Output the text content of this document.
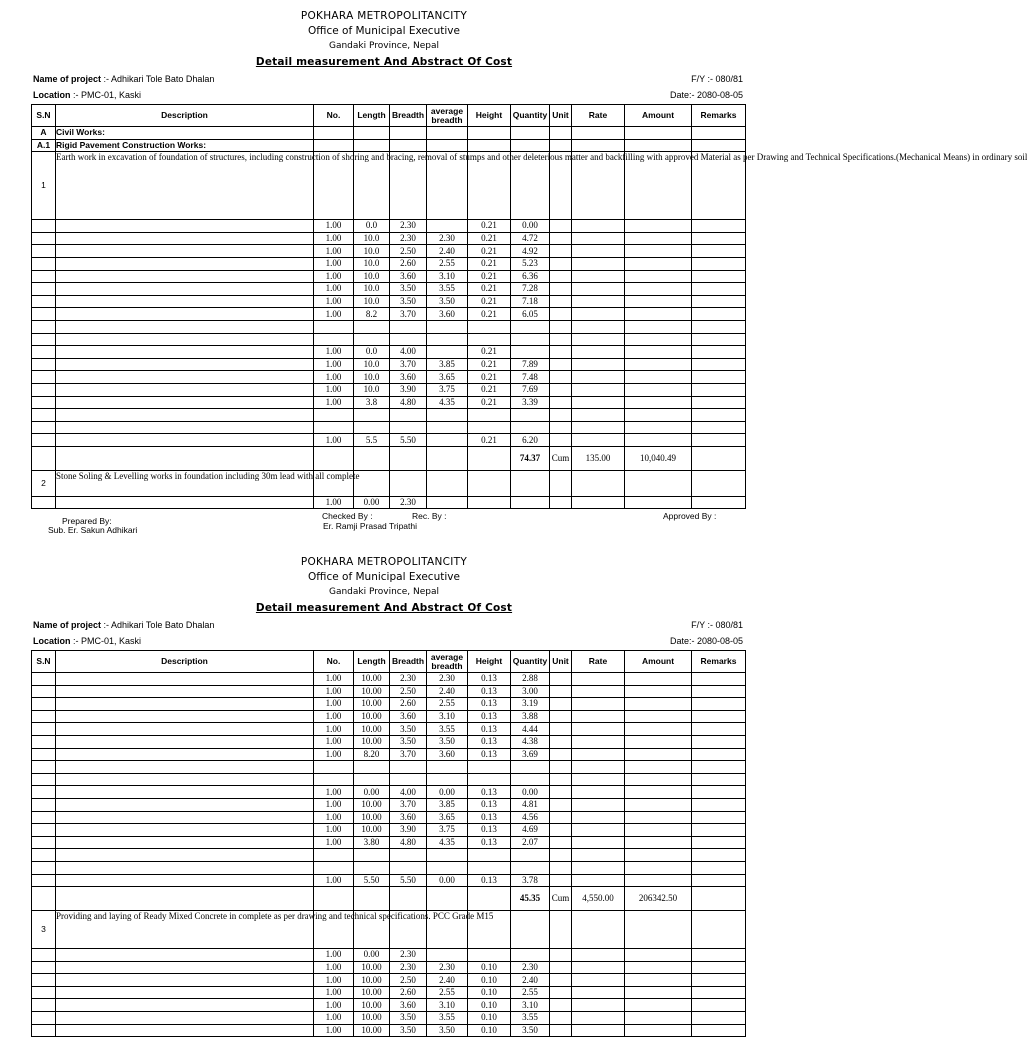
POKHARA METROPOLITANCITY
Office of Municipal Executive
Gandaki Province, Nepal
Detail measurement And Abstract Of Cost
Name of project :- Adhikari Tole Bato Dhalan	F/Y :- 080/81
Location :- PMC-01, Kaski	Date:- 2080-08-05
S.N	Description	No.	Length	Breadth	average breadth	Height	Quantity	Unit	Rate	Amount	Remarks
A	Civil Works:										
A.1	Rigid Pavement Construction Works:										
1	Earth work in excavation of foundation of structures, including construction of shoring and bracing, removal of stumps and other deleterious matter and backfilling with approved Material as per Drawing and Technical Specifications.(Mechanical Means) in ordinary soil										
		1.00	0.0	2.30		0.21	0.00				
		1.00	10.0	2.30	2.30	0.21	4.72				
		1.00	10.0	2.50	2.40	0.21	4.92				
		1.00	10.0	2.60	2.55	0.21	5.23				
		1.00	10.0	3.60	3.10	0.21	6.36				
		1.00	10.0	3.50	3.55	0.21	7.28				
		1.00	10.0	3.50	3.50	0.21	7.18				
		1.00	8.2	3.70	3.60	0.21	6.05				

		1.00	0.0	4.00		0.21					
		1.00	10.0	3.70	3.85	0.21	7.89				
		1.00	10.0	3.60	3.65	0.21	7.48				
		1.00	10.0	3.90	3.75	0.21	7.69				
		1.00	3.8	4.80	4.35	0.21	3.39				

		1.00	5.5	5.50		0.21	6.20				
							74.37	Cum	135.00	10,040.49	
2	Stone Soling & Levelling works in foundation including 30m lead with all complete										
		1.00	0.00	2.30							
Prepared By:
Sub. Er. Sakun Adhikari
Checked By :	Rec. By :
Er. Ramji Prasad Tripathi
Approved By :
POKHARA METROPOLITANCITY
Office of Municipal Executive
Gandaki Province, Nepal
Detail measurement And Abstract Of Cost
Name of project :- Adhikari Tole Bato Dhalan	F/Y :- 080/81
Location :- PMC-01, Kaski	Date:- 2080-08-05
S.N	Description	No.	Length	Breadth	average breadth	Height	Quantity	Unit	Rate	Amount	Remarks
		1.00	10.00	2.30	2.30	0.13	2.88				
		1.00	10.00	2.50	2.40	0.13	3.00				
		1.00	10.00	2.60	2.55	0.13	3.19				
		1.00	10.00	3.60	3.10	0.13	3.88				
		1.00	10.00	3.50	3.55	0.13	4.44				
		1.00	10.00	3.50	3.50	0.13	4.38				
		1.00	8.20	3.70	3.60	0.13	3.69				

		1.00	0.00	4.00	0.00	0.13	0.00				
		1.00	10.00	3.70	3.85	0.13	4.81				
		1.00	10.00	3.60	3.65	0.13	4.56				
		1.00	10.00	3.90	3.75	0.13	4.69				
		1.00	3.80	4.80	4.35	0.13	2.07				

		1.00	5.50	5.50	0.00	0.13	3.78				
							45.35	Cum	4,550.00	206342.50	
3	Providing and laying of Ready Mixed Concrete in complete as per drawing and technical specifications. PCC Grade M15										
		1.00	0.00	2.30							
		1.00	10.00	2.30	2.30	0.10	2.30				
		1.00	10.00	2.50	2.40	0.10	2.40				
		1.00	10.00	2.60	2.55	0.10	2.55				
		1.00	10.00	3.60	3.10	0.10	3.10				
		1.00	10.00	3.50	3.55	0.10	3.55				
		1.00	10.00	3.50	3.50	0.10	3.50				
